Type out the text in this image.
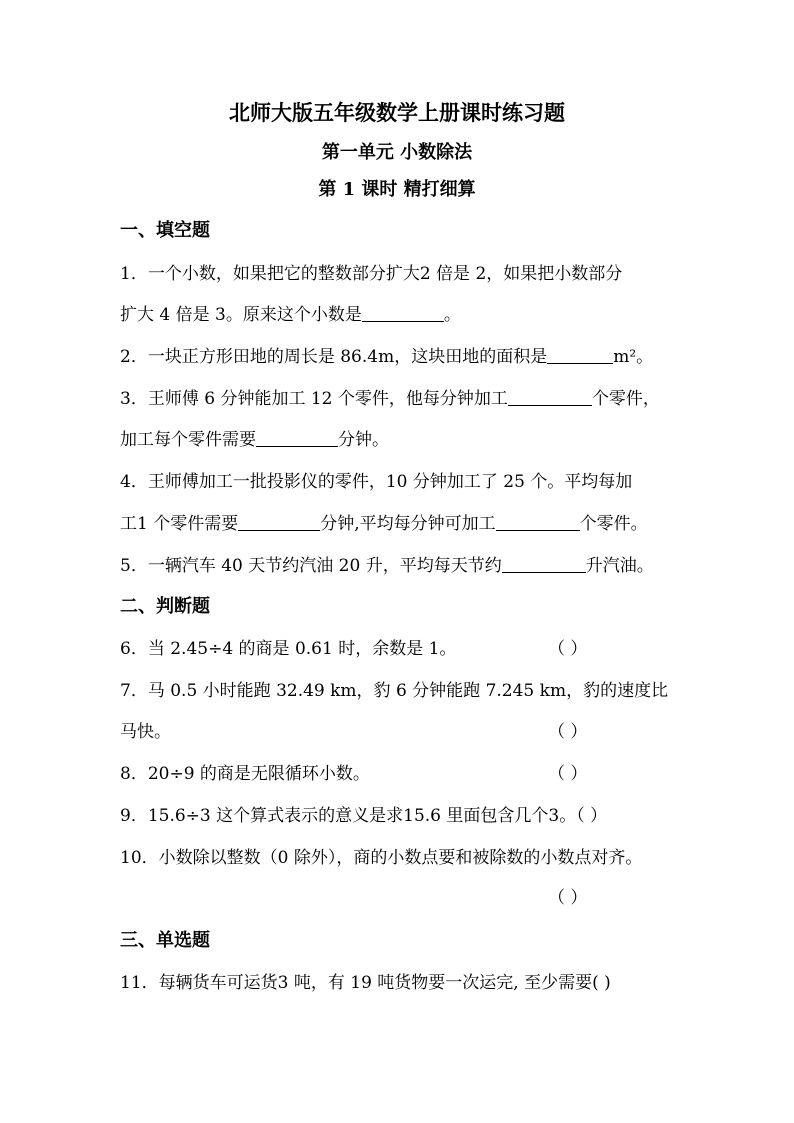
北师大版五年级数学上册课时练习题
第一单元 小数除法
第 1 课时 精打细算
一、填空题
1．一个小数，如果把它的整数部分扩大2 倍是 2，如果把小数部分
扩大 4 倍是 3。原来这个小数是	。
2．一块正方形田地的周长是 86.4m，这块田地的面积是	m²。
3．王师傅 6 分钟能加工 12 个零件，他每分钟加工	个零件，
加工每个零件需要	分钟。
4．王师傅加工一批投影仪的零件，10 分钟加工了 25 个。平均每加
工1 个零件需要	分钟,平均每分钟可加工	个零件。
5．一辆汽车 40 天节约汽油 20 升，平均每天节约	升汽油。
二、判断题
6．当 2.45÷4 的商是 0.61 时，余数是 1。	（ ）
7．马 0.5 小时能跑 32.49 km，豹 6 分钟能跑 7.245 km，豹的速度比
马快。	（ ）
8．20÷9 的商是无限循环小数。	（ ）
9．15.6÷3 这个算式表示的意义是求15.6 里面包含几个3。（ ）
10．小数除以整数（0 除外），商的小数点要和被除数的小数点对齐。
（ ）
三、单选题
11．每辆货车可运货3 吨，有 19 吨货物要一次运完, 至少需要( )
